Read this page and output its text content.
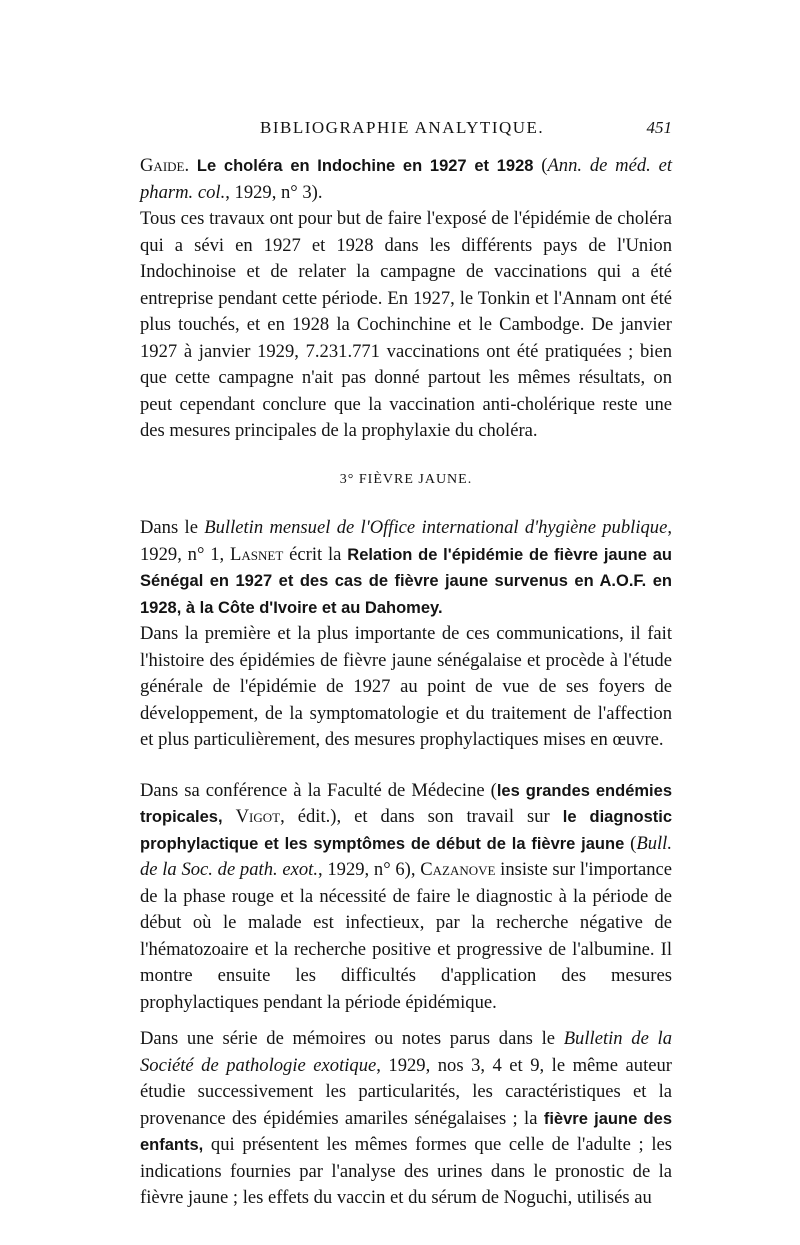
BIBLIOGRAPHIE ANALYTIQUE.	451

Gaide. Le choléra en Indochine en 1927 et 1928 (Ann. de méd. et pharm. col., 1929, n° 3).

Tous ces travaux ont pour but de faire l'exposé de l'épidémie de choléra qui a sévi en 1927 et 1928 dans les différents pays de l'Union Indochinoise et de relater la campagne de vaccinations qui a été entreprise pendant cette période. En 1927, le Tonkin et l'Annam ont été plus touchés, et en 1928 la Cochinchine et le Cambodge. De janvier 1927 à janvier 1929, 7.231.771 vaccinations ont été pratiquées ; bien que cette campagne n'ait pas donné partout les mêmes résultats, on peut cependant conclure que la vaccination anti-cholérique reste une des mesures principales de la prophylaxie du choléra.

3° FIÈVRE JAUNE.

Dans le Bulletin mensuel de l'Office international d'hygiène publique, 1929, n° 1, Lasnet écrit la Relation de l'épidémie de fièvre jaune au Sénégal en 1927 et des cas de fièvre jaune survenus en A.O.F. en 1928, à la Côte d'Ivoire et au Dahomey.

Dans la première et la plus importante de ces communications, il fait l'histoire des épidémies de fièvre jaune sénégalaise et procède à l'étude générale de l'épidémie de 1927 au point de vue de ses foyers de développement, de la symptomatologie et du traitement de l'affection et plus particulièrement, des mesures prophylactiques mises en œuvre.

Dans sa conférence à la Faculté de Médecine (les grandes endémies tropicales, Vigot, édit.), et dans son travail sur le diagnostic prophylactique et les symptômes de début de la fièvre jaune (Bull. de la Soc. de path. exot., 1929, n° 6), Cazanove insiste sur l'importance de la phase rouge et la nécessité de faire le diagnostic à la période de début où le malade est infectieux, par la recherche négative de l'hématozoaire et la recherche positive et progressive de l'albumine. Il montre ensuite les difficultés d'application des mesures prophylactiques pendant la période épidémique.

Dans une série de mémoires ou notes parus dans le Bulletin de la Société de pathologie exotique, 1929, nos 3, 4 et 9, le même auteur étudie successivement les particularités, les caractéristiques et la provenance des épidémies amariles sénégalaises ; la fièvre jaune des enfants, qui présentent les mêmes formes que celle de l'adulte ; les indications fournies par l'analyse des urines dans le pronostic de la fièvre jaune ; les effets du vaccin et du sérum de Noguchi, utilisés au
